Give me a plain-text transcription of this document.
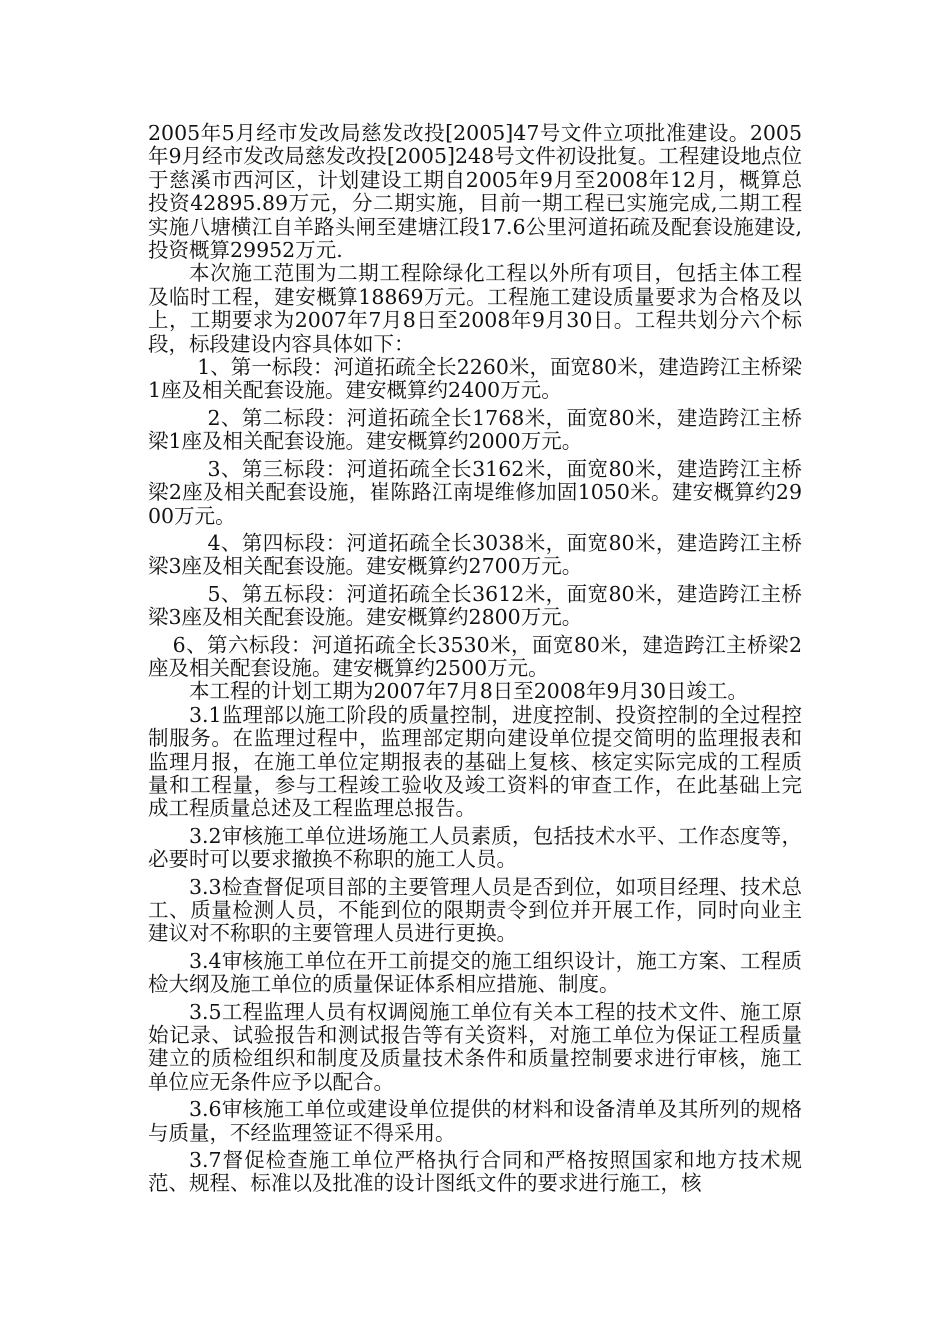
2005年5月经市发改局慈发改投[2005]47号文件立项批准建设。2005年9月经市发改局慈发改投[2005]248号文件初设批复。工程建设地点位于慈溪市西河区，计划建设工期自2005年9月至2008年12月，概算总投资42895.89万元，分二期实施，目前一期工程已实施完成,二期工程实施八塘横江自羊路头闸至建塘江段17.6公里河道拓疏及配套设施建设,投资概算29952万元.

本次施工范围为二期工程除绿化工程以外所有项目，包括主体工程及临时工程，建安概算18869万元。工程施工建设质量要求为合格及以上，工期要求为2007年7月8日至2008年9月30日。工程共划分六个标段，标段建设内容具体如下：

1、第一标段：河道拓疏全长2260米，面宽80米，建造跨江主桥梁1座及相关配套设施。建安概算约2400万元。

2、第二标段：河道拓疏全长1768米，面宽80米，建造跨江主桥梁1座及相关配套设施。建安概算约2000万元。

3、第三标段：河道拓疏全长3162米，面宽80米，建造跨江主桥梁2座及相关配套设施，崔陈路江南堤维修加固1050米。建安概算约2900万元。

4、第四标段：河道拓疏全长3038米，面宽80米，建造跨江主桥梁3座及相关配套设施。建安概算约2700万元。

5、第五标段：河道拓疏全长3612米，面宽80米，建造跨江主桥梁3座及相关配套设施。建安概算约2800万元。

6、第六标段：河道拓疏全长3530米，面宽80米，建造跨江主桥梁2座及相关配套设施。建安概算约2500万元。

本工程的计划工期为2007年7月8日至2008年9月30日竣工。

3.1监理部以施工阶段的质量控制，进度控制、投资控制的全过程控制服务。在监理过程中，监理部定期向建设单位提交简明的监理报表和监理月报，在施工单位定期报表的基础上复核、核定实际完成的工程质量和工程量，参与工程竣工验收及竣工资料的审查工作，在此基础上完成工程质量总述及工程监理总报告。

3.2审核施工单位进场施工人员素质，包括技术水平、工作态度等，必要时可以要求撤换不称职的施工人员。

3.3检查督促项目部的主要管理人员是否到位，如项目经理、技术总工、质量检测人员，不能到位的限期责令到位并开展工作，同时向业主建议对不称职的主要管理人员进行更换。

3.4审核施工单位在开工前提交的施工组织设计，施工方案、工程质检大纲及施工单位的质量保证体系相应措施、制度。

3.5工程监理人员有权调阅施工单位有关本工程的技术文件、施工原始记录、试验报告和测试报告等有关资料，对施工单位为保证工程质量建立的质检组织和制度及质量技术条件和质量控制要求进行审核，施工单位应无条件应予以配合。

3.6审核施工单位或建设单位提供的材料和设备清单及其所列的规格与质量，不经监理签证不得采用。

3.7督促检查施工单位严格执行合同和严格按照国家和地方技术规范、规程、标准以及批准的设计图纸文件的要求进行施工，核
